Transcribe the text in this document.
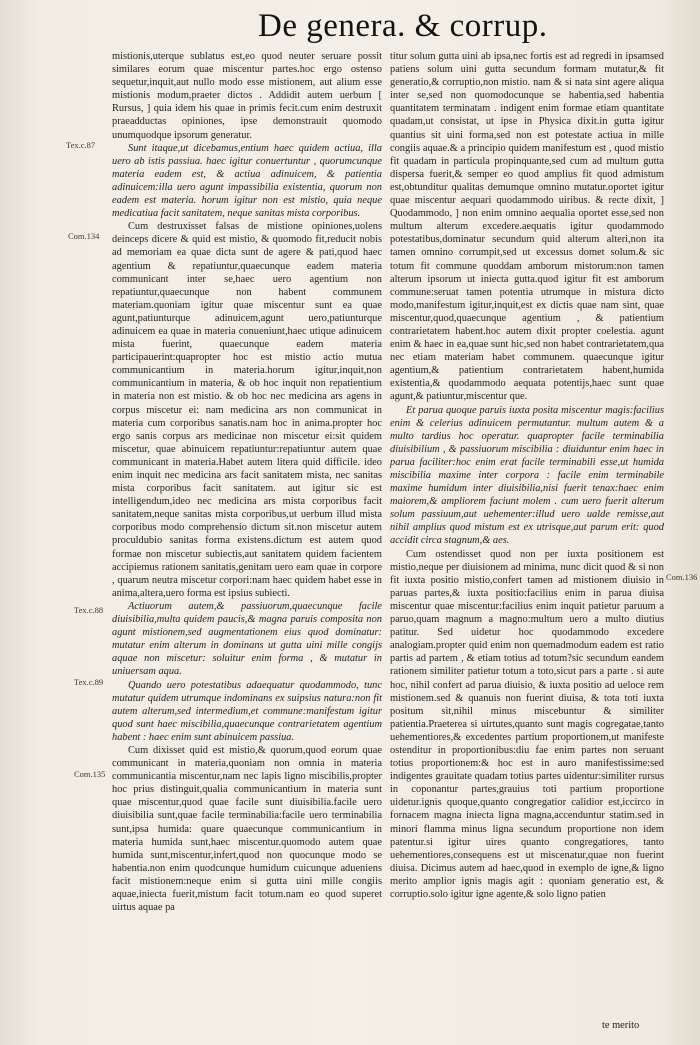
De genera. & corrup.

mistionis,uterque sublatus est,eo quod neuter seruare possit similares eorum quae miscentur partes.hoc ergo ostenso sequetur,inquit,aut nullo modo esse mistionem, aut alium esse mistionis modum,praeter dictos . Addidit autem uerbum [ Rursus, ] quia idem his quae in primis fecit.cum enim destruxit praeadductas opiniones, ipse demonstrauit quomodo unumquodque ipsorum generatur.

Sunt itaque,ut dicebamus,entium haec quidem actiua, illa uero ab istis passiua. haec igitur conuertuntur , quorumcunque materia eadem est, & actiua adinuicem, & patientia adinuicem:illa uero agunt impassibilia existentia, quorum non eadem est materia. horum igitur non est mistio, quia neque medicatiua facit sanitatem, neque sanitas mista corporibus.

Cum destruxisset falsas de mistione opiniones,uolens deinceps dicere & quid est mistio, & quomodo fit,reducit nobis ad memoriam ea quae dicta sunt de agere & pati,quod haec agentium & repatiuntur,quaecunque eadem materia communicant inter se,haec uero agentium non repatiuntur,quaecunque non habent communem materiam.quoniam igitur quae miscentur sunt ea quae agunt,patiunturque adinuicem,agunt uero,patiunturque adinuicem ea quae in materia conueniunt,haec utique adinuicem mista fuerint, quaecunque eadem materia participauerint:quapropter hoc est mistio actio mutua communicantium in materia.horum igitur,inquit,non communicantium in materia, & ob hoc inquit non repatientium in materia non est mistio. & ob hoc nec medicina ars agens in corpus miscetur ei: nam medicina ars non communicat in materia cum corporibus sanatis.nam hoc in anima.propter hoc ergo sanis corpus ars medicinae non miscetur ei:sit quidem miscetur, quae abinuicem repatiuntur:repatiuntur autem quae communicant in materia.Habet autem litera quid difficile. ideo enim inquit nec medicina ars facit sanitatem mista, nec sanitas mista corporibus facit sanitatem. aut igitur sic est intelligendum,ideo nec medicina ars mista corporibus facit sanitatem,neque sanitas mista corporibus,ut uerbum illud mista corporibus modo comprehensio dictum sit.non miscetur autem proculdubio sanitas forma existens.dictum est autem quod formae non miscetur subiectis,aut sanitatem quidem facientem accipiemus rationem sanitatis,genitam uero eam quae in corpore , quarum neutra miscetur corpori:nam haec quidem habet esse in anima,altera,uero forma est ipsius subiecti.

Actiuorum autem,& passiuorum,quaecunque facile diuisibilia,multa quidem paucis,& magna paruis composita non agunt mistionem,sed augmentationem eius quod dominatur: mutatur enim alterum in dominans ut gutta uini mille congijs aquae non miscetur: soluitur enim forma , & mutatur in uniuersam aqua.

Quando uero potestatibus adaequatur quodammodo, tunc mutatur quidem utrumque indominans ex suipsius natura:non fit autem alterum,sed intermedium,et commune:manifestum igitur quod sunt haec miscibilia,quaecunque contrarietatem agentium habent : haec enim sunt abinuicem passiua.

Cum dixisset quid est mistio,& quorum,quod eorum quae communicant in materia,quoniam non omnia in materia communicantia miscentur,nam nec lapis ligno miscibilis,propter hoc prius distinguit,qualia communicantium in materia sunt quae miscentur,quod quae facile sunt diuisibilia.facile uero diuisibilia sunt,quae facile terminabilia:facile uero terminabilia sunt,ipsa humida: quare quaecunque communicantium in materia humida sunt,haec miscentur.quomodo autem quae humida sunt,miscentur,infert,quod non quocunque modo se habentia.non enim quodcunque humidum cuicunque adueniens facit mistionem:neque enim si gutta uini mille congiis aquae,iniecta fuerit,mistum facit totum.nam eo quod superet uirtus aquae pa

titur solum gutta uini ab ipsa,nec fortis est ad regredi in ipsamsed patiens solum uini gutta secundum formam mutatur,& fit generatio,& corruptio,non mistio. nam & si nata sint agere aliqua inter se,sed non quomodocunque se habentia,sed habentia quantitatem terminatam . indigent enim formae etiam quantitate quadam,ut consistat, ut ipse in Physica dixit.in gutta igitur quantius sit uini forma,sed non est potestate actiua in mille congiis aquae.& a principio quidem manifestum est , quod mistio fit quadam in particula propinquante,sed cum ad multum gutta dispersa fuerit,& semper eo quod amplius fit quod admistum est,obtunditur qualitas demumque omnino mutatur.oportet igitur quae miscentur aequari quodammodo uiribus. & recte dixit, ] Quodammodo, ] non enim omnino aequalia oportet esse,sed non multum alterum excedere.aequatis igitur quodammodo potestatibus,dominatur secundum quid alterum alteri,non ita tamen omnino corrumpit,sed ut excessus domet solum.& sic totum fit commune quoddam amborum mistorum:non tamen alterum ipsorum ut iniecta gutta.quod igitur fit est amborum commune:seruat tamen potentia utrumque in mistura dicto modo,manifestum igitur,inquit,est ex dictis quae nam sint, quae miscentur,quod,quaecunque agentium , & patientium contrarietatem habent.hoc autem dixit propter coelestia. agunt enim & haec in ea,quae sunt hic,sed non habet contrarietatem,qua nec etiam materiam habet communem. quaecunque igitur agentium,& patientium contrarietatem habent,humida existentia,& quodammodo aequata potentijs,haec sunt quae agunt,& patiuntur,miscentur que.

Et parua quoque paruis iuxta posita miscentur magis:facilius enim & celerius adinuicem permutantur. multum autem & a multo tardius hoc operatur. quapropter facile terminabilia diuisibilium , & passiuorum miscibilia : diuiduntur enim haec in parua faciliter:hoc enim erat facile terminabili esse,ut humida miscibilia maxime inter corpora : facile enim terminabile maxime humidum inter diuisibilia,nisi fuerit tenax:haec enim maiorem,& ampliorem faciunt molem . cum uero fuerit alterum solum passiuum,aut uehementer:illud uero ualde remisse,aut nihil amplius quod mistum est ex utrisque,aut parum erit: quod accidit circa stagnum,& aes.

Cum ostendisset quod non per iuxta positionem est mistio,neque per diuisionem ad minima, nunc dicit quod & si non fit iuxta positio mistio,confert tamen ad mistionem diuisio in paruas partes,& iuxta positio:facilius enim in parua diuisa miscentur quae miscentur:facilius enim inquit patietur paruum a paruo,quam magnum a magno:multum uero a multo diutius patitur. Sed uidetur hoc quodammodo excedere analogiam.propter quid enim non quemadmodum eadem est ratio partis ad partem , & etiam totius ad totum?sic secundum eandem rationem similiter patietur totum a toto,sicut pars a parte . si aute hoc, nihil confert ad parua diuisio, & iuxta positio ad ueloce rem mistionem.sed & quanuis non fuerint diuisa, & tota toti iuxta positum sit,nihil minus miscebuntur & similiter patientia.Praeterea si uirtutes,quanto sunt magis cogregatae,tanto uehementiores,& excedentes partium proportionem,ut manifeste ostenditur in proportionibus:diu fae enim partes non seruant totius proportionem:& hoc est in auro manifestissime:sed indigentes grauitate quadam totius partes uidentur:similiter rursus in coponantur partes,grauius toti partium proportione uidetur.ignis quoque,quanto congregatior calidior est,iccirco in fornacem magna iniecta ligna magna,accenduntur statim.sed in minori flamma minus ligna secundum proportione non idem patentur.si igitur uires quanto congregatiores, tanto uehementiores,consequens est ut miscenatur,quae non fuerint diuisa. Dicimus autem ad haec,quod in exemplo de igne,& ligno merito amplior ignis magis agit : quoniam generatio est, & corruptio.solo igitur igne agente,& solo ligno patien

Tex.c.87
Com.134
Tex.c.88
Tex.c.89
Com.135
Com.136
te merito
